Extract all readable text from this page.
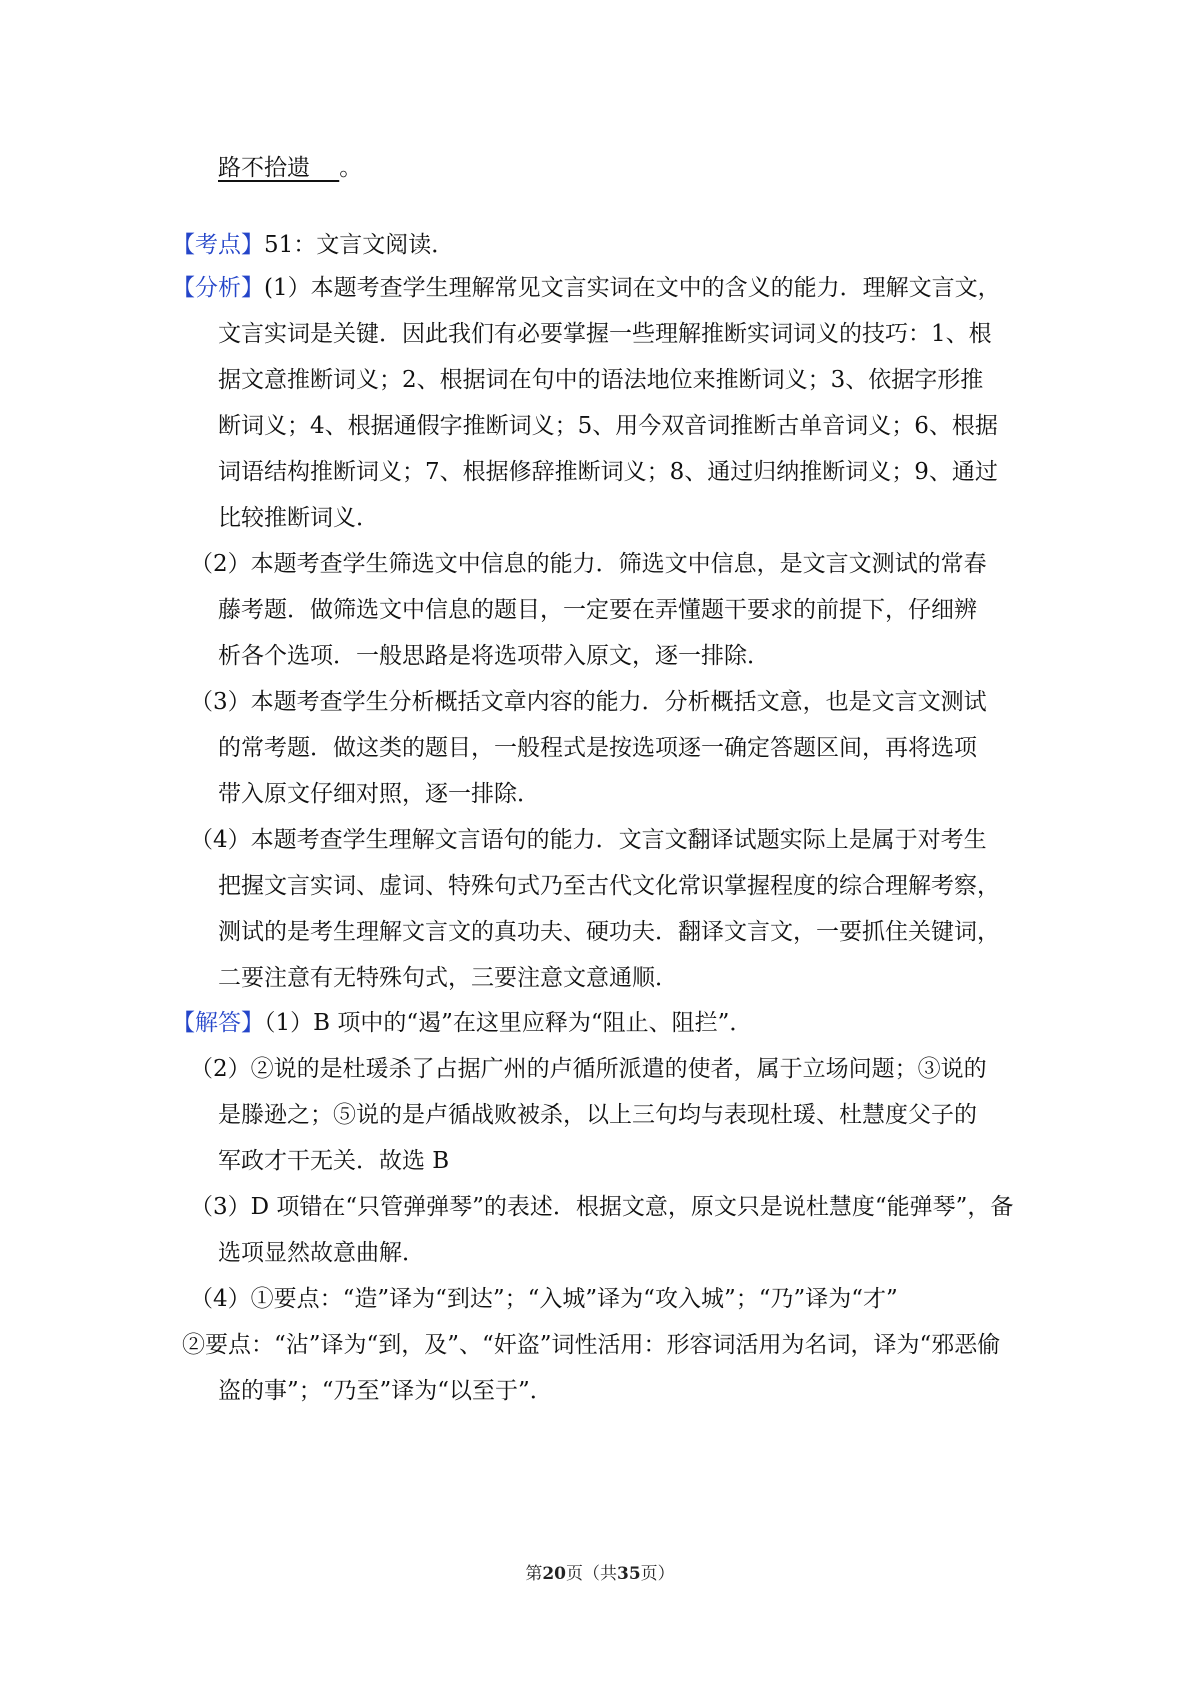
路不拾遗 。
【考点】51：文言文阅读．
【分析】(1）本题考查学生理解常见文言实词在文中的含义的能力．理解文言文，
文言实词是关键．因此我们有必要掌握一些理解推断实词词义的技巧：1、根
据文意推断词义；2、根据词在句中的语法地位来推断词义；3、依据字形推
断词义；4、根据通假字推断词义；5、用今双音词推断古单音词义；6、根据
词语结构推断词义；7、根据修辞推断词义；8、通过归纳推断词义；9、通过
比较推断词义．
（2）本题考查学生筛选文中信息的能力．筛选文中信息，是文言文测试的常春
藤考题．做筛选文中信息的题目，一定要在弄懂题干要求的前提下，仔细辨
析各个选项．一般思路是将选项带入原文，逐一排除．
（3）本题考查学生分析概括文章内容的能力．分析概括文意，也是文言文测试
的常考题．做这类的题目，一般程式是按选项逐一确定答题区间，再将选项
带入原文仔细对照，逐一排除．
（4）本题考查学生理解文言语句的能力．文言文翻译试题实际上是属于对考生
把握文言实词、虚词、特殊句式乃至古代文化常识掌握程度的综合理解考察，
测试的是考生理解文言文的真功夫、硬功夫．翻译文言文，一要抓住关键词，
二要注意有无特殊句式，三要注意文意通顺．
【解答】（1）B 项中的“遏”在这里应释为“阻止、阻拦”．
（2）②说的是杜瑗杀了占据广州的卢循所派遣的使者，属于立场问题；③说的
是滕逊之；⑤说的是卢循战败被杀，以上三句均与表现杜瑗、杜慧度父子的
军政才干无关．故选 B
（3）D 项错在“只管弹弹琴”的表述．根据文意，原文只是说杜慧度“能弹琴”，备
选项显然故意曲解．
（4）①要点：“造”译为“到达”；“入城”译为“攻入城”；“乃”译为“才”
②要点：“沾”译为“到，及”、“奸盗”词性活用：形容词活用为名词，译为“邪恶偷
盗的事”；“乃至”译为“以至于”．
第20页（共35页）
